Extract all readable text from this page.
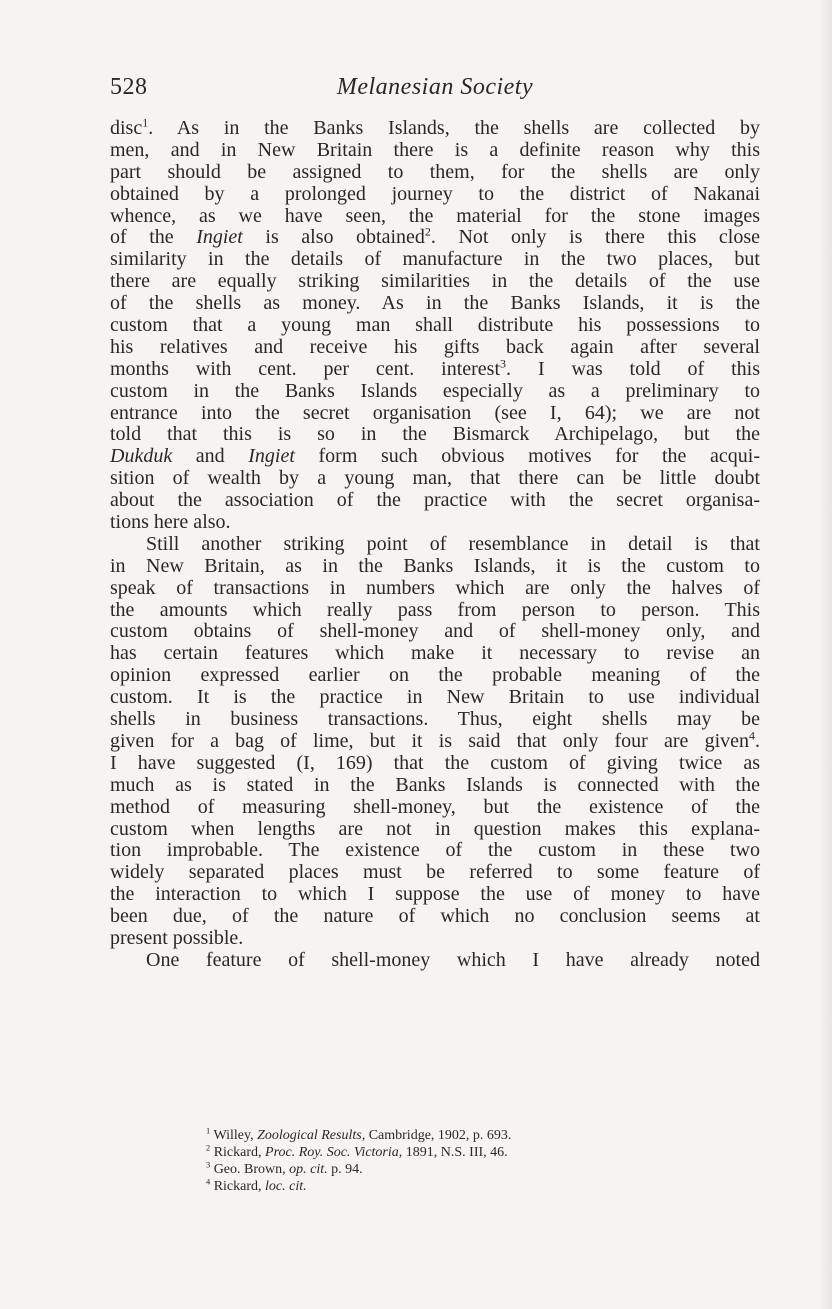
528	Melanesian Society
disc$^1$. As in the Banks Islands, the shells are collected by
men, and in New Britain there is a definite reason why this
part should be assigned to them, for the shells are only
obtained by a prolonged journey to the district of Nakanai
whence, as we have seen, the material for the stone images
of the Ingiet is also obtained$^2$. Not only is there this close
similarity in the details of manufacture in the two places, but
there are equally striking similarities in the details of the use
of the shells as money. As in the Banks Islands, it is the
custom that a young man shall distribute his possessions to
his relatives and receive his gifts back again after several
months with cent. per cent. interest$^3$. I was told of this
custom in the Banks Islands especially as a preliminary to
entrance into the secret organisation (see I, 64); we are not
told that this is so in the Bismarck Archipelago, but the
Dukduk and Ingiet form such obvious motives for the acqui-
sition of wealth by a young man, that there can be little doubt
about the association of the practice with the secret organisa-
tions here also.
Still another striking point of resemblance in detail is that
in New Britain, as in the Banks Islands, it is the custom to
speak of transactions in numbers which are only the halves of
the amounts which really pass from person to person. This
custom obtains of shell-money and of shell-money only, and
has certain features which make it necessary to revise an
opinion expressed earlier on the probable meaning of the
custom. It is the practice in New Britain to use individual
shells in business transactions. Thus, eight shells may be
given for a bag of lime, but it is said that only four are given$^4$.
I have suggested (I, 169) that the custom of giving twice as
much as is stated in the Banks Islands is connected with the
method of measuring shell-money, but the existence of the
custom when lengths are not in question makes this explana-
tion improbable. The existence of the custom in these two
widely separated places must be referred to some feature of
the interaction to which I suppose the use of money to have
been due, of the nature of which no conclusion seems at
present possible.
One feature of shell-money which I have already noted
$^1$ Willey, Zoological Results, Cambridge, 1902, p. 693.
$^2$ Rickard, Proc. Roy. Soc. Victoria, 1891, N.S. III, 46.
$^3$ Geo. Brown, op. cit. p. 94.
$^4$ Rickard, loc. cit.
